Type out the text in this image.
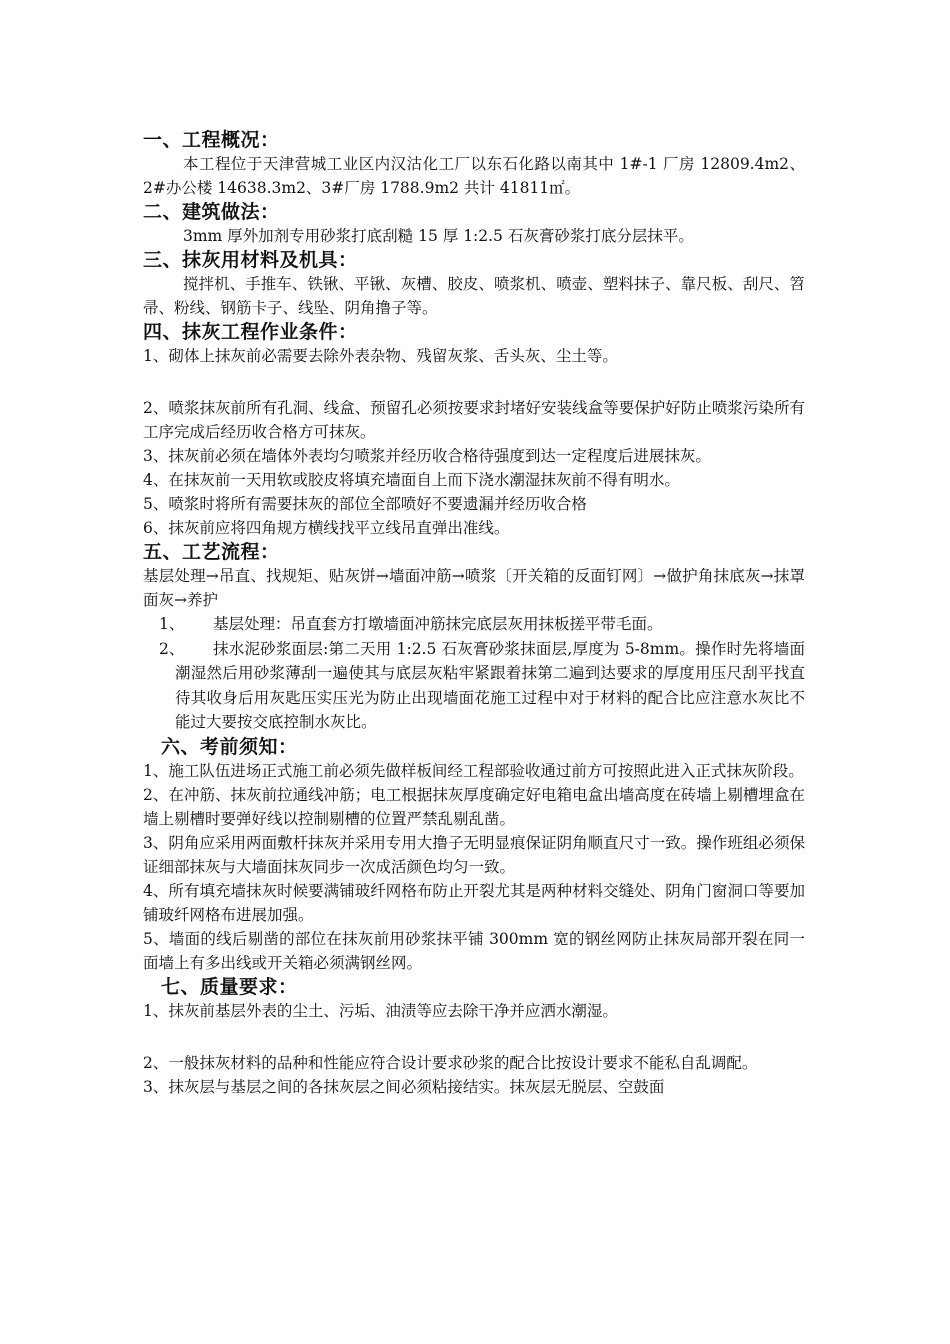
一、工程概况：
本工程位于天津营城工业区内汉沽化工厂以东石化路以南其中 1#-1 厂房 12809.4m2、2#办公楼 14638.3m2、3#厂房 1788.9m2 共计 41811㎡。
二、建筑做法：
3mm 厚外加剂专用砂浆打底刮糙 15 厚 1:2.5 石灰膏砂浆打底分层抹平。
三、抹灰用材料及机具：
搅拌机、手推车、铁锹、平锹、灰槽、胶皮、喷浆机、喷壶、塑料抹子、靠尺板、刮尺、笤帚、粉线、钢筋卡子、线坠、阴角撸子等。
四、抹灰工程作业条件：
1、砌体上抹灰前必需要去除外表杂物、残留灰浆、舌头灰、尘土等。
2、喷浆抹灰前所有孔洞、线盒、预留孔必须按要求封堵好安装线盒等要保护好防止喷浆污染所有工序完成后经历收合格方可抹灰。
3、抹灰前必须在墙体外表均匀喷浆并经历收合格待强度到达一定程度后进展抹灰。
4、在抹灰前一天用软或胶皮将填充墙面自上而下浇水潮湿抹灰前不得有明水。
5、喷浆时将所有需要抹灰的部位全部喷好不要遗漏并经历收合格
6、抹灰前应将四角规方横线找平立线吊直弹出准线。
五、工艺流程：
基层处理→吊直、找规矩、贴灰饼→墙面冲筋→喷浆〔开关箱的反面钉网〕→做护角抹底灰→抹罩面灰→养护
1、	基层处理：吊直套方打墩墙面冲筋抹完底层灰用抹板搓平带毛面。
2、	抹水泥砂浆面层:第二天用 1:2.5 石灰膏砂浆抹面层,厚度为 5-8mm。操作时先将墙面潮湿然后用砂浆薄刮一遍使其与底层灰粘牢紧跟着抹第二遍到达要求的厚度用压尺刮平找直待其收身后用灰匙压实压光为防止出现墙面花施工过程中对于材料的配合比应注意水灰比不能过大要按交底控制水灰比。
六、考前须知：
1、施工队伍进场正式施工前必须先做样板间经工程部验收通过前方可按照此进入正式抹灰阶段。
2、在冲筋、抹灰前拉通线冲筋；电工根据抹灰厚度确定好电箱电盒出墙高度在砖墙上剔槽埋盒在墙上剔槽时要弹好线以控制剔槽的位置严禁乱剔乱凿。
3、阴角应采用两面敷杆抹灰并采用专用大撸子无明显痕保证阴角顺直尺寸一致。操作班组必须保证细部抹灰与大墙面抹灰同步一次成活颜色均匀一致。
4、所有填充墙抹灰时候要满铺玻纤网格布防止开裂尤其是两种材料交缝处、阴角门窗洞口等要加铺玻纤网格布进展加强。
5、墙面的线后剔凿的部位在抹灰前用砂浆抹平铺 300mm 宽的钢丝网防止抹灰局部开裂在同一面墙上有多出线或开关箱必须满钢丝网。
七、质量要求：
1、抹灰前基层外表的尘土、污垢、油渍等应去除干净并应洒水潮湿。
2、一般抹灰材料的品种和性能应符合设计要求砂浆的配合比按设计要求不能私自乱调配。
3、抹灰层与基层之间的各抹灰层之间必须粘接结实。抹灰层无脱层、空鼓面
